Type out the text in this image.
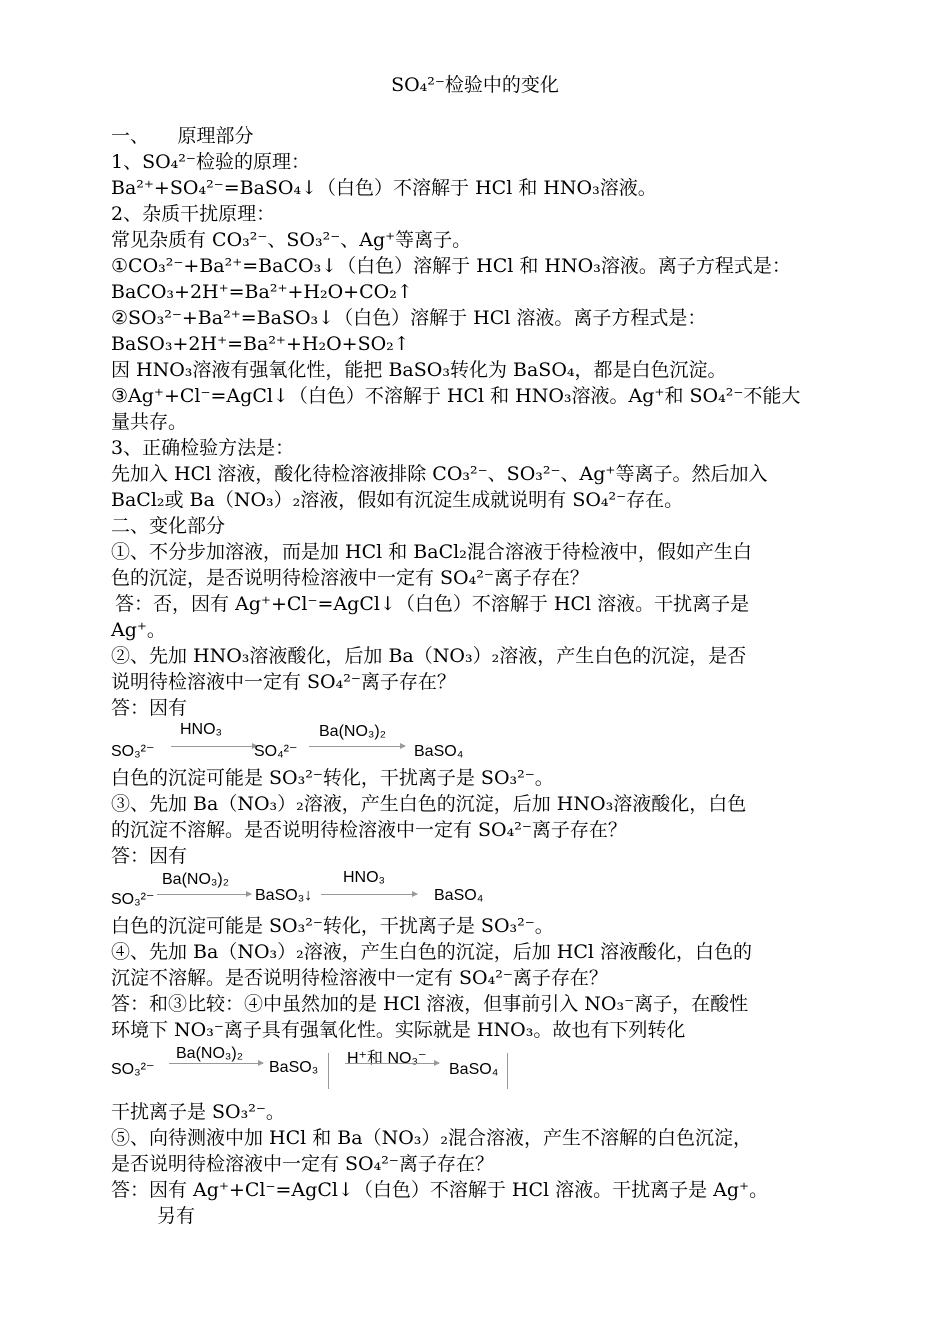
SO₄²⁻检验中的变化
一、　　原理部分
1、SO₄²⁻检验的原理：
Ba²⁺+SO₄²⁻=BaSO₄↓（白色）不溶解于 HCl 和 HNO₃溶液。
2、杂质干扰原理：
常见杂质有 CO₃²⁻、SO₃²⁻、Ag⁺等离子。
①CO₃²⁻+Ba²⁺=BaCO₃↓（白色）溶解于 HCl 和 HNO₃溶液。离子方程式是：
BaCO₃+2H⁺=Ba²⁺+H₂O+CO₂↑
②SO₃²⁻+Ba²⁺=BaSO₃↓（白色）溶解于 HCl 溶液。离子方程式是：
BaSO₃+2H⁺=Ba²⁺+H₂O+SO₂↑
因 HNO₃溶液有强氧化性，能把 BaSO₃转化为 BaSO₄，都是白色沉淀。
③Ag⁺+Cl⁻=AgCl↓（白色）不溶解于 HCl 和 HNO₃溶液。Ag⁺和 SO₄²⁻不能大
量共存。
3、正确检验方法是：
先加入 HCl 溶液，酸化待检溶液排除 CO₃²⁻、SO₃²⁻、Ag⁺等离子。然后加入
BaCl₂或 Ba（NO₃）₂溶液，假如有沉淀生成就说明有 SO₄²⁻存在。
二、变化部分
①、不分步加溶液，而是加 HCl 和 BaCl₂混合溶液于待检液中，假如产生白
色的沉淀，是否说明待检溶液中一定有 SO₄²⁻离子存在？
答：否，因有 Ag⁺+Cl⁻=AgCl↓（白色）不溶解于 HCl 溶液。干扰离子是
Ag⁺。
②、先加 HNO₃溶液酸化，后加 Ba（NO₃）₂溶液，产生白色的沉淀，是否
说明待检溶液中一定有 SO₄²⁻离子存在？
答：因有
SO₃²⁻
HNO₃
SO₄²⁻
Ba(NO₃)₂
BaSO₄
白色的沉淀可能是 SO₃²⁻转化，干扰离子是 SO₃²⁻。
③、先加 Ba（NO₃）₂溶液，产生白色的沉淀，后加 HNO₃溶液酸化，白色
的沉淀不溶解。是否说明待检溶液中一定有 SO₄²⁻离子存在？
答：因有
SO₃²⁻
Ba(NO₃)₂
BaSO₃↓
HNO₃
BaSO₄
白色的沉淀可能是 SO₃²⁻转化，干扰离子是 SO₃²⁻。
④、先加 Ba（NO₃）₂溶液，产生白色的沉淀，后加 HCl 溶液酸化，白色的
沉淀不溶解。是否说明待检溶液中一定有 SO₄²⁻离子存在？
答：和③比较：④中虽然加的是 HCl 溶液，但事前引入 NO₃⁻离子，在酸性
环境下 NO₃⁻离子具有强氧化性。实际就是 HNO₃。故也有下列转化
SO₃²⁻
Ba(NO₃)₂
BaSO₃
H⁺和 NO₃⁻
BaSO₄
干扰离子是 SO₃²⁻。
⑤、向待测液中加 HCl 和 Ba（NO₃）₂混合溶液，产生不溶解的白色沉淀，
是否说明待检溶液中一定有 SO₄²⁻离子存在？
答：因有 Ag⁺+Cl⁻=AgCl↓（白色）不溶解于 HCl 溶液。干扰离子是 Ag⁺。
另有
